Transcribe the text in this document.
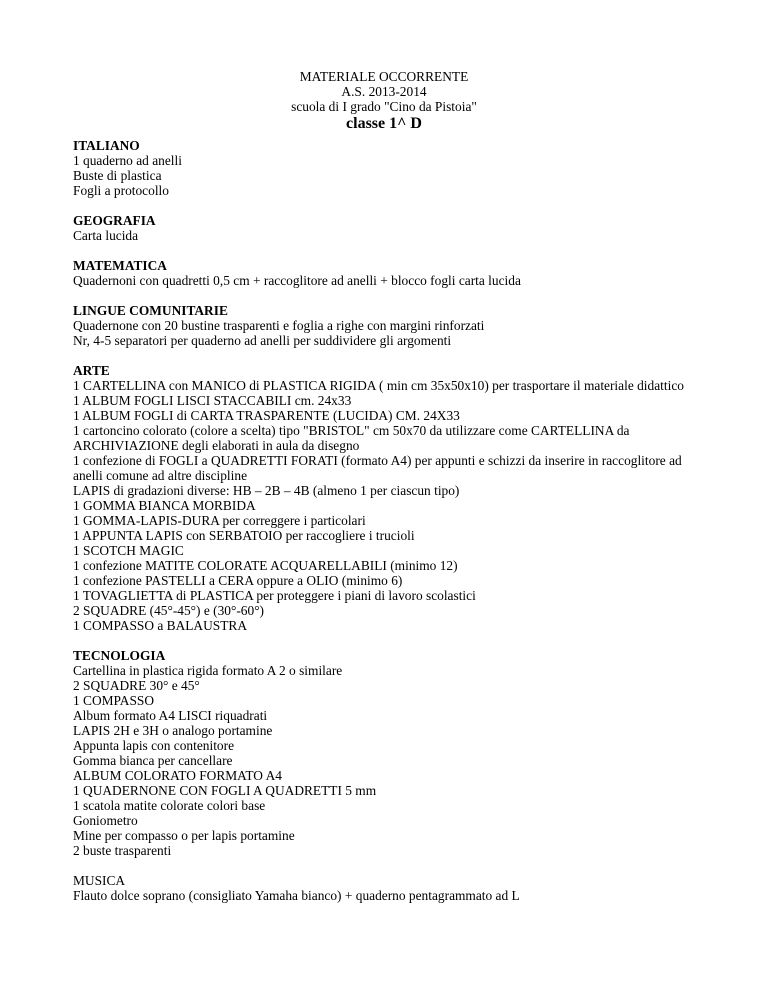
MATERIALE OCCORRENTE
A.S. 2013-2014
scuola di I grado "Cino da Pistoia"
classe 1^ D
ITALIANO
1 quaderno ad anelli
Buste di plastica
Fogli a protocollo
GEOGRAFIA
Carta lucida
MATEMATICA
Quadernoni con quadretti 0,5 cm + raccoglitore ad anelli + blocco fogli carta lucida
LINGUE COMUNITARIE
Quadernone con 20 bustine trasparenti e foglia a righe con margini rinforzati
Nr, 4-5 separatori per quaderno ad anelli per suddividere gli argomenti
ARTE
1 CARTELLINA con MANICO di PLASTICA RIGIDA ( min cm 35x50x10) per trasportare il materiale didattico
1 ALBUM FOGLI LISCI STACCABILI cm. 24x33
1 ALBUM FOGLI di CARTA TRASPARENTE (LUCIDA) CM. 24X33
1 cartoncino colorato (colore a scelta) tipo "BRISTOL" cm 50x70 da utilizzare come CARTELLINA da ARCHIVIAZIONE degli elaborati in aula da disegno
1 confezione di FOGLI a QUADRETTI FORATI (formato A4) per appunti e schizzi da inserire in raccoglitore ad anelli comune ad altre discipline
LAPIS di gradazioni diverse: HB – 2B – 4B (almeno 1 per ciascun tipo)
1 GOMMA BIANCA MORBIDA
1 GOMMA-LAPIS-DURA per correggere i particolari
1 APPUNTA LAPIS con SERBATOIO per raccogliere i trucioli
1 SCOTCH MAGIC
1 confezione MATITE COLORATE ACQUARELLABILI (minimo 12)
1 confezione PASTELLI a CERA oppure a OLIO (minimo 6)
1 TOVAGLIETTA di PLASTICA per proteggere i piani di lavoro scolastici
2 SQUADRE (45°-45°) e (30°-60°)
1 COMPASSO a BALAUSTRA
TECNOLOGIA
Cartellina in plastica rigida formato A 2 o similare
2 SQUADRE 30° e 45°
1 COMPASSO
Album formato A4 LISCI riquadrati
LAPIS 2H e 3H o analogo portamine
Appunta lapis con contenitore
Gomma bianca per cancellare
ALBUM COLORATO FORMATO A4
1 QUADERNONE CON FOGLI A QUADRETTI 5 mm
1 scatola matite colorate colori base
Goniometro
Mine per compasso o per lapis portamine
2 buste trasparenti
MUSICA
Flauto dolce soprano (consigliato Yamaha bianco) + quaderno pentagrammato ad L
